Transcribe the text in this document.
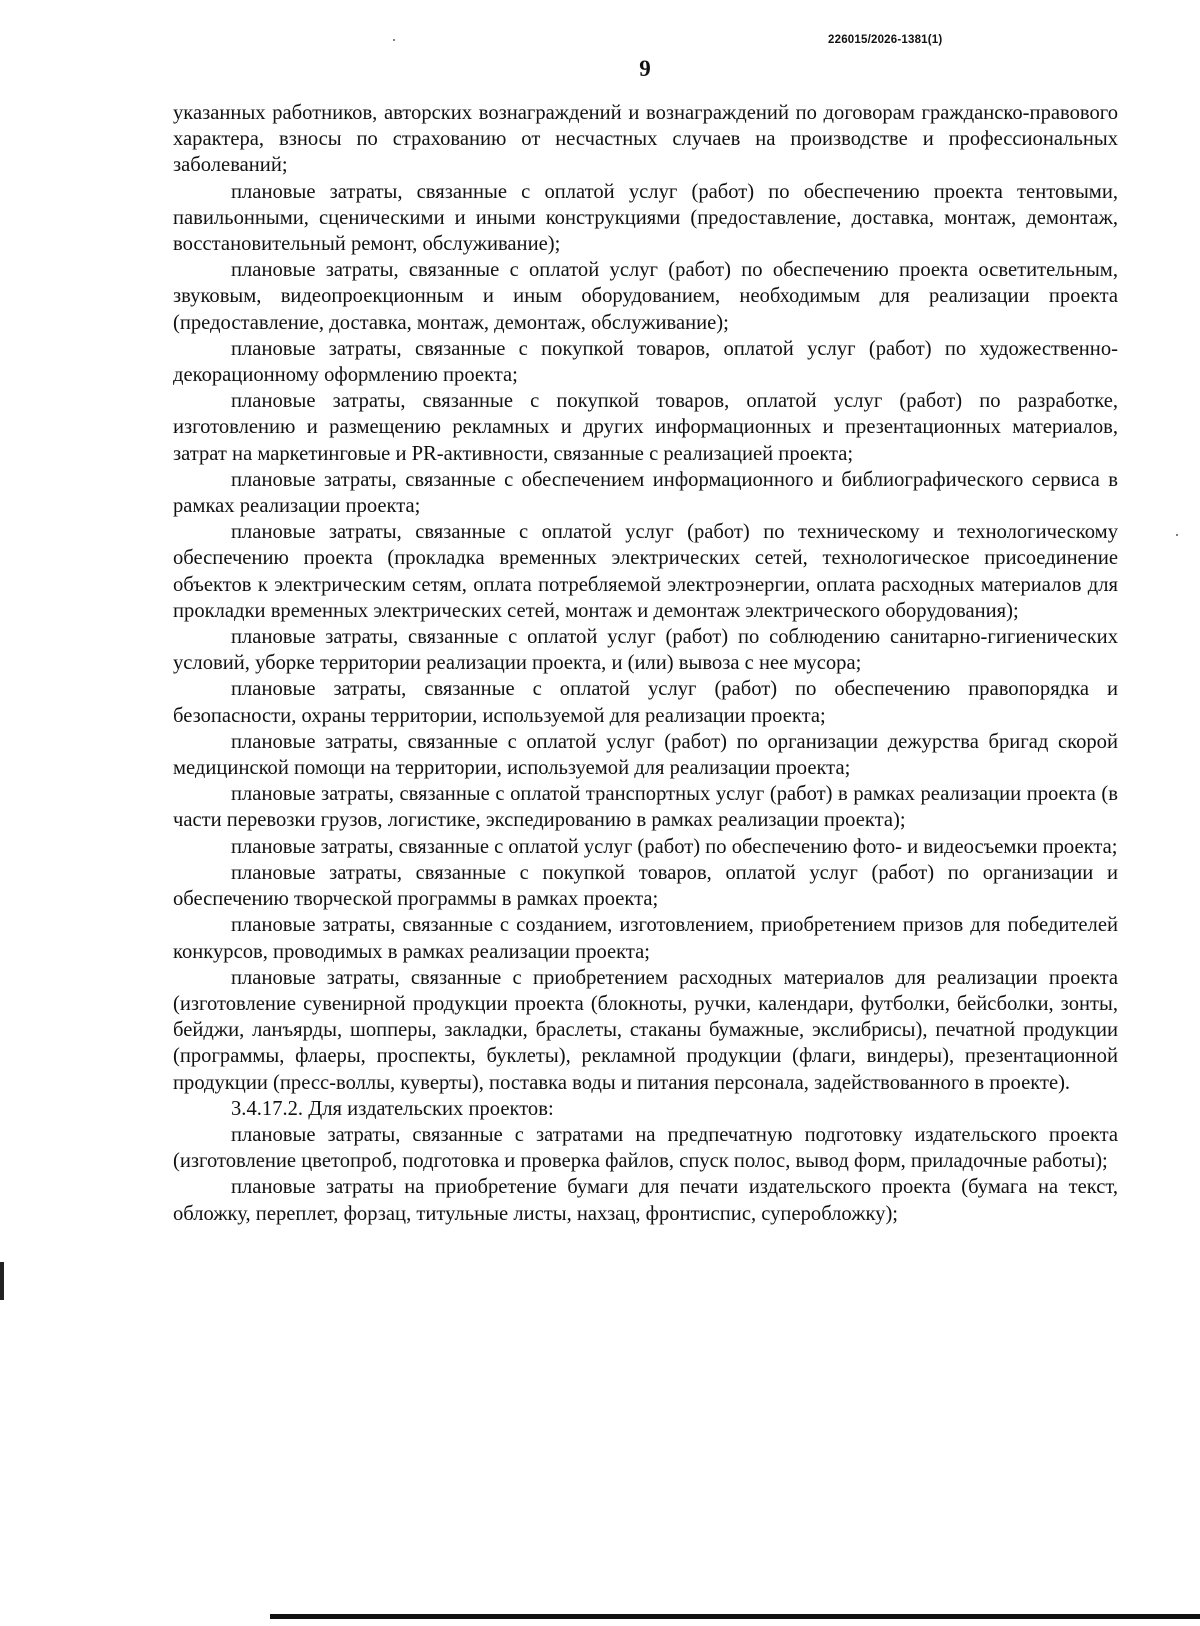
226015/2026-1381(1)
9

указанных работников, авторских вознаграждений и вознаграждений по договорам гражданско-правового характера, взносы по страхованию от несчастных случаев на производстве и профессиональных заболеваний;

плановые затраты, связанные с оплатой услуг (работ) по обеспечению проекта тентовыми, павильонными, сценическими и иными конструкциями (предоставление, доставка, монтаж, демонтаж, восстановительный ремонт, обслуживание);

плановые затраты, связанные с оплатой услуг (работ) по обеспечению проекта осветительным, звуковым, видеопроекционным и иным оборудованием, необходимым для реализации проекта (предоставление, доставка, монтаж, демонтаж, обслуживание);

плановые затраты, связанные с покупкой товаров, оплатой услуг (работ) по художественно-декорационному оформлению проекта;

плановые затраты, связанные с покупкой товаров, оплатой услуг (работ) по разработке, изготовлению и размещению рекламных и других информационных и презентационных материалов, затрат на маркетинговые и PR-активности, связанные с реализацией проекта;

плановые затраты, связанные с обеспечением информационного и библиографического сервиса в рамках реализации проекта;

плановые затраты, связанные с оплатой услуг (работ) по техническому и технологическому обеспечению проекта (прокладка временных электрических сетей, технологическое присоединение объектов к электрическим сетям, оплата потребляемой электроэнергии, оплата расходных материалов для прокладки временных электрических сетей, монтаж и демонтаж электрического оборудования);

плановые затраты, связанные с оплатой услуг (работ) по соблюдению санитарно-гигиенических условий, уборке территории реализации проекта, и (или) вывоза с нее мусора;

плановые затраты, связанные с оплатой услуг (работ) по обеспечению правопорядка и безопасности, охраны территории, используемой для реализации проекта;

плановые затраты, связанные с оплатой услуг (работ) по организации дежурства бригад скорой медицинской помощи на территории, используемой для реализации проекта;

плановые затраты, связанные с оплатой транспортных услуг (работ) в рамках реализации проекта (в части перевозки грузов, логистике, экспедированию в рамках реализации проекта);

плановые затраты, связанные с оплатой услуг (работ) по обеспечению фото- и видеосъемки проекта;

плановые затраты, связанные с покупкой товаров, оплатой услуг (работ) по организации и обеспечению творческой программы в рамках проекта;

плановые затраты, связанные с созданием, изготовлением, приобретением призов для победителей конкурсов, проводимых в рамках реализации проекта;

плановые затраты, связанные с приобретением расходных материалов для реализации проекта (изготовление сувенирной продукции проекта (блокноты, ручки, календари, футболки, бейсболки, зонты, бейджи, ланъярды, шопперы, закладки, браслеты, стаканы бумажные, экслибрисы), печатной продукции (программы, флаеры, проспекты, буклеты), рекламной продукции (флаги, виндеры), презентационной продукции (пресс-воллы, куверты), поставка воды и питания персонала, задействованного в проекте).

3.4.17.2. Для издательских проектов:

плановые затраты, связанные с затратами на предпечатную подготовку издательского проекта (изготовление цветопроб, подготовка и проверка файлов, спуск полос, вывод форм, приладочные работы);

плановые затраты на приобретение бумаги для печати издательского проекта (бумага на текст, обложку, переплет, форзац, титульные листы, нахзац, фронтиспис, суперобложку);
